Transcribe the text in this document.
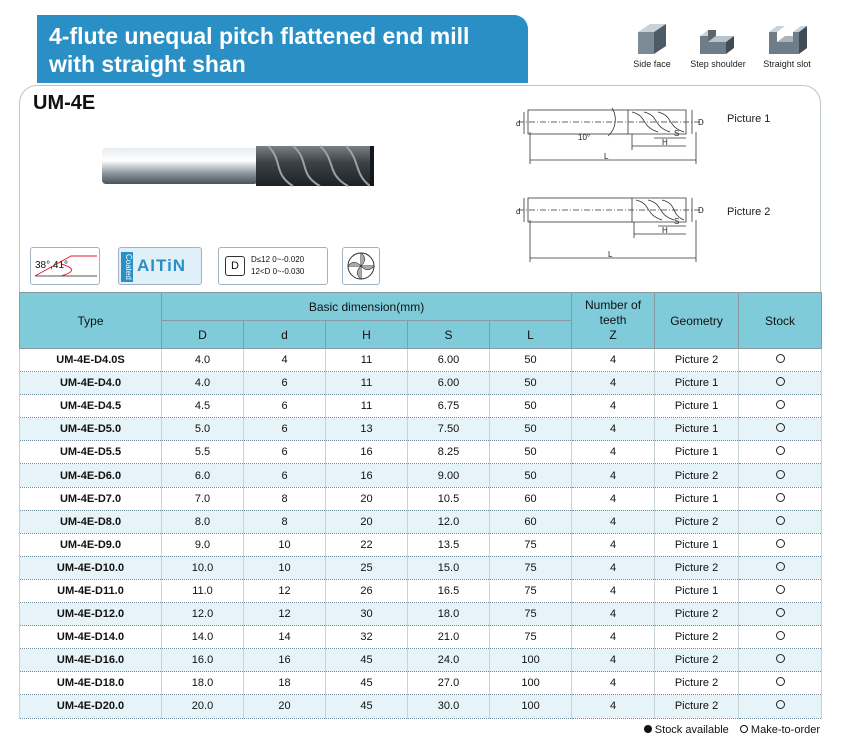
4-flute unequal pitch flattened end mill
with straight shan	Side face	Step shoulder	Straight slot
UM-4E
d
10°
D
S
H
L
d	D
S
H
L
Picture 1
Picture 2
38°,41°	Coated AITiN	D
D≤12 0~-0.020
12<D 0~-0.030
Type	Basic dimension(mm)					Number of
teeth
Z	Geometry	Stock
	D	d	H	S	L			
UM-4E-D4.0S	4.0	4	11	6.00	50	4	Picture 2	
UM-4E-D4.0	4.0	6	11	6.00	50	4	Picture 1	
UM-4E-D4.5	4.5	6	11	6.75	50	4	Picture 1	
UM-4E-D5.0	5.0	6	13	7.50	50	4	Picture 1	
UM-4E-D5.5	5.5	6	16	8.25	50	4	Picture 1	
UM-4E-D6.0	6.0	6	16	9.00	50	4	Picture 2	
UM-4E-D7.0	7.0	8	20	10.5	60	4	Picture 1	
UM-4E-D8.0	8.0	8	20	12.0	60	4	Picture 2	
UM-4E-D9.0	9.0	10	22	13.5	75	4	Picture 1	
UM-4E-D10.0	10.0	10	25	15.0	75	4	Picture 2	
UM-4E-D11.0	11.0	12	26	16.5	75	4	Picture 1	
UM-4E-D12.0	12.0	12	30	18.0	75	4	Picture 2	
UM-4E-D14.0	14.0	14	32	21.0	75	4	Picture 2	
UM-4E-D16.0	16.0	16	45	24.0	100	4	Picture 2	
UM-4E-D18.0	18.0	18	45	27.0	100	4	Picture 2	
UM-4E-D20.0	20.0	20	45	30.0	100	4	Picture 2	
Stock available Make-to-order
